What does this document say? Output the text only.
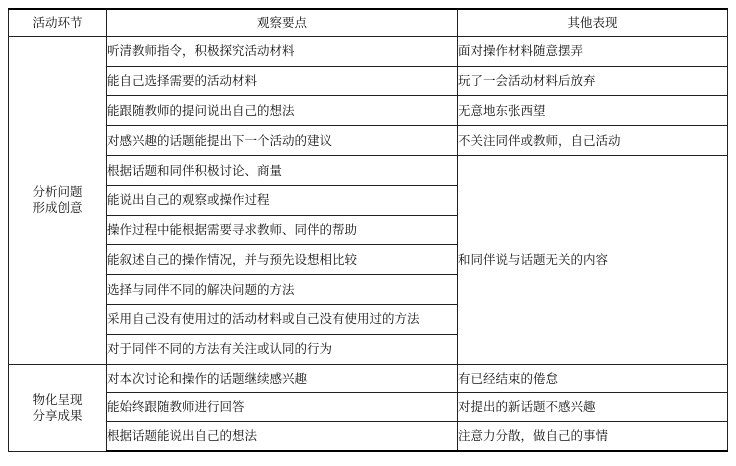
活动环节	观察要点	其他表现

分析问题
形成创意	听清教师指令，积极探究活动材料	面对操作材料随意摆弄
	能自己选择需要的活动材料	玩了一会活动材料后放弃
	能跟随教师的提问说出自己的想法	无意地东张西望
	对感兴趣的话题能提出下一个活动的建议	不关注同伴或教师，自己活动
	根据话题和同伴积极讨论、商量	和同伴说与话题无关的内容
	能说出自己的观察或操作过程	
	操作过程中能根据需要寻求教师、同伴的帮助	
	能叙述自己的操作情况，并与预先设想相比较	
	选择与同伴不同的解决问题的方法	
	采用自己没有使用过的活动材料或自己没有使用过的方法	
	对于同伴不同的方法有关注或认同的行为	

物化呈现
分享成果	对本次讨论和操作的话题继续感兴趣	有已经结束的倦怠
	能始终跟随教师进行回答	对提出的新话题不感兴趣
	根据话题能说出自己的想法	注意力分散，做自己的事情
